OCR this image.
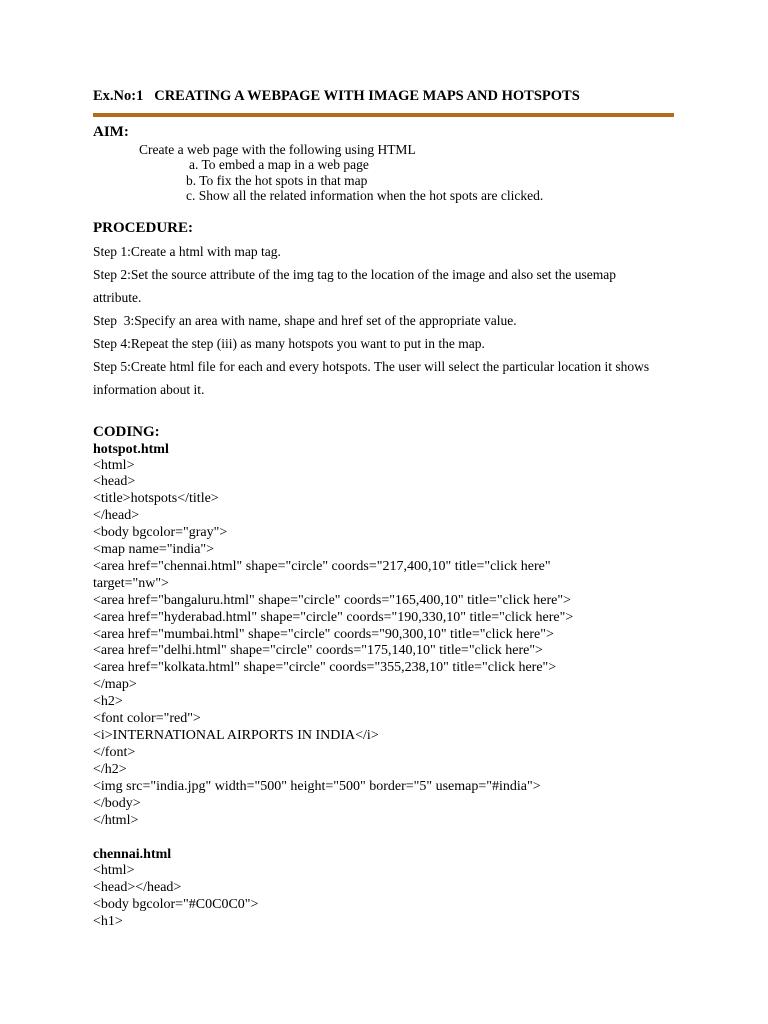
Ex.No:1   CREATING A WEBPAGE WITH IMAGE MAPS AND HOTSPOTS
AIM:
Create a web page with the following using HTML
a. To embed a map in a web page
b. To fix the hot spots in that map
c. Show all the related information when the hot spots are clicked.
PROCEDURE:
Step 1:Create a html with map tag.
Step 2:Set the source attribute of the img tag to the location of the image and also set the usemap attribute.
Step  3:Specify an area with name, shape and href set of the appropriate value.
Step 4:Repeat the step (iii) as many hotspots you want to put in the map.
Step 5:Create html file for each and every hotspots. The user will select the particular location it shows information about it.
CODING:
hotspot.html
<html>
<head>
<title>hotspots</title>
</head>
<body bgcolor="gray">
<map name="india">
<area href="chennai.html" shape="circle" coords="217,400,10" title="click here"
target="nw">
<area href="bangaluru.html" shape="circle" coords="165,400,10" title="click here">
<area href="hyderabad.html" shape="circle" coords="190,330,10" title="click here">
<area href="mumbai.html" shape="circle" coords="90,300,10" title="click here">
<area href="delhi.html" shape="circle" coords="175,140,10" title="click here">
<area href="kolkata.html" shape="circle" coords="355,238,10" title="click here">
</map>
<h2>
<font color="red">
<i>INTERNATIONAL AIRPORTS IN INDIA</i>
</font>
</h2>
<img src="india.jpg" width="500" height="500" border="5" usemap="#india">
</body>
</html>
chennai.html
<html>
<head></head>
<body bgcolor="#C0C0C0">
<h1>
